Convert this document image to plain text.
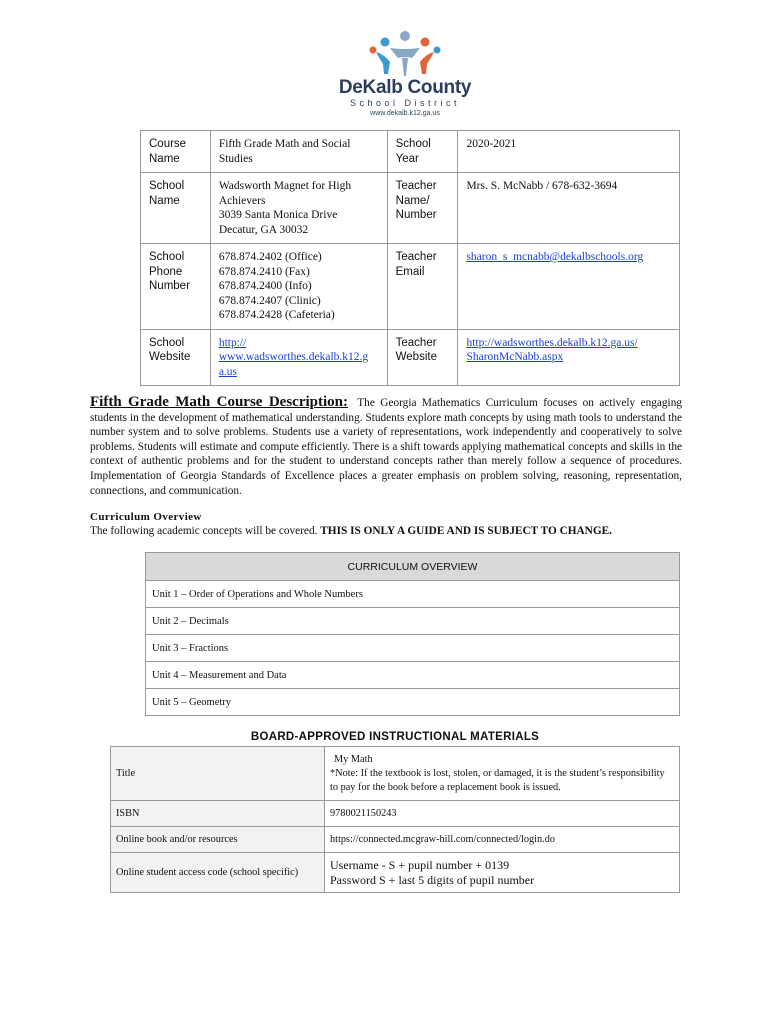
DeKalb County
School District
www.dekalb.k12.ga.us
Course Name	Fifth Grade Math and Social Studies	School Year	2020-2021
School Name	Wadsworth Magnet for High Achievers
3039 Santa Monica Drive
Decatur, GA 30032	Teacher Name/ Number	Mrs. S. McNabb / 678-632-3694
School Phone Number	678.874.2402 (Office)
678.874.2410 (Fax)
678.874.2400 (Info)
678.874.2407 (Clinic)
678.874.2428 (Cafeteria)	Teacher Email	sharon_s_mcnabb@dekalbschools.org
School Website	http:// www.wadsworthes.dekalb.k12.g a.us	Teacher Website	http://wadsworthes.dekalb.k12.ga.us/ SharonMcNabb.aspx
Fifth Grade Math Course Description: The Georgia Mathematics Curriculum focuses on actively engaging students in the development of mathematical understanding. Students explore math concepts by using math tools to understand the number system and to solve problems. Students use a variety of representations, work independently and cooperatively to solve problems. Students will estimate and compute efficiently. There is a shift towards applying mathematical concepts and skills in the context of authentic problems and for the student to understand concepts rather than merely follow a sequence of procedures. Implementation of Georgia Standards of Excellence places a greater emphasis on problem solving, reasoning, representation, connections, and communication.
Curriculum Overview
The following academic concepts will be covered. THIS IS ONLY A GUIDE AND IS SUBJECT TO CHANGE.
CURRICULUM OVERVIEW
Unit 1 – Order of Operations and Whole Numbers
Unit 2 – Decimals
Unit 3 – Fractions
Unit 4 – Measurement and Data
Unit 5 – Geometry
BOARD-APPROVED INSTRUCTIONAL MATERIALS
Title	My Math
*Note: If the textbook is lost, stolen, or damaged, it is the student’s responsibility to pay for the book before a replacement book is issued.

ISBN	9780021150243
Online book and/or resources	https://connected.mcgraw-hill.com/connected/login.do
Online student access code (school specific)	Username - S + pupil number + 0139
Password S + last 5 digits of pupil number
